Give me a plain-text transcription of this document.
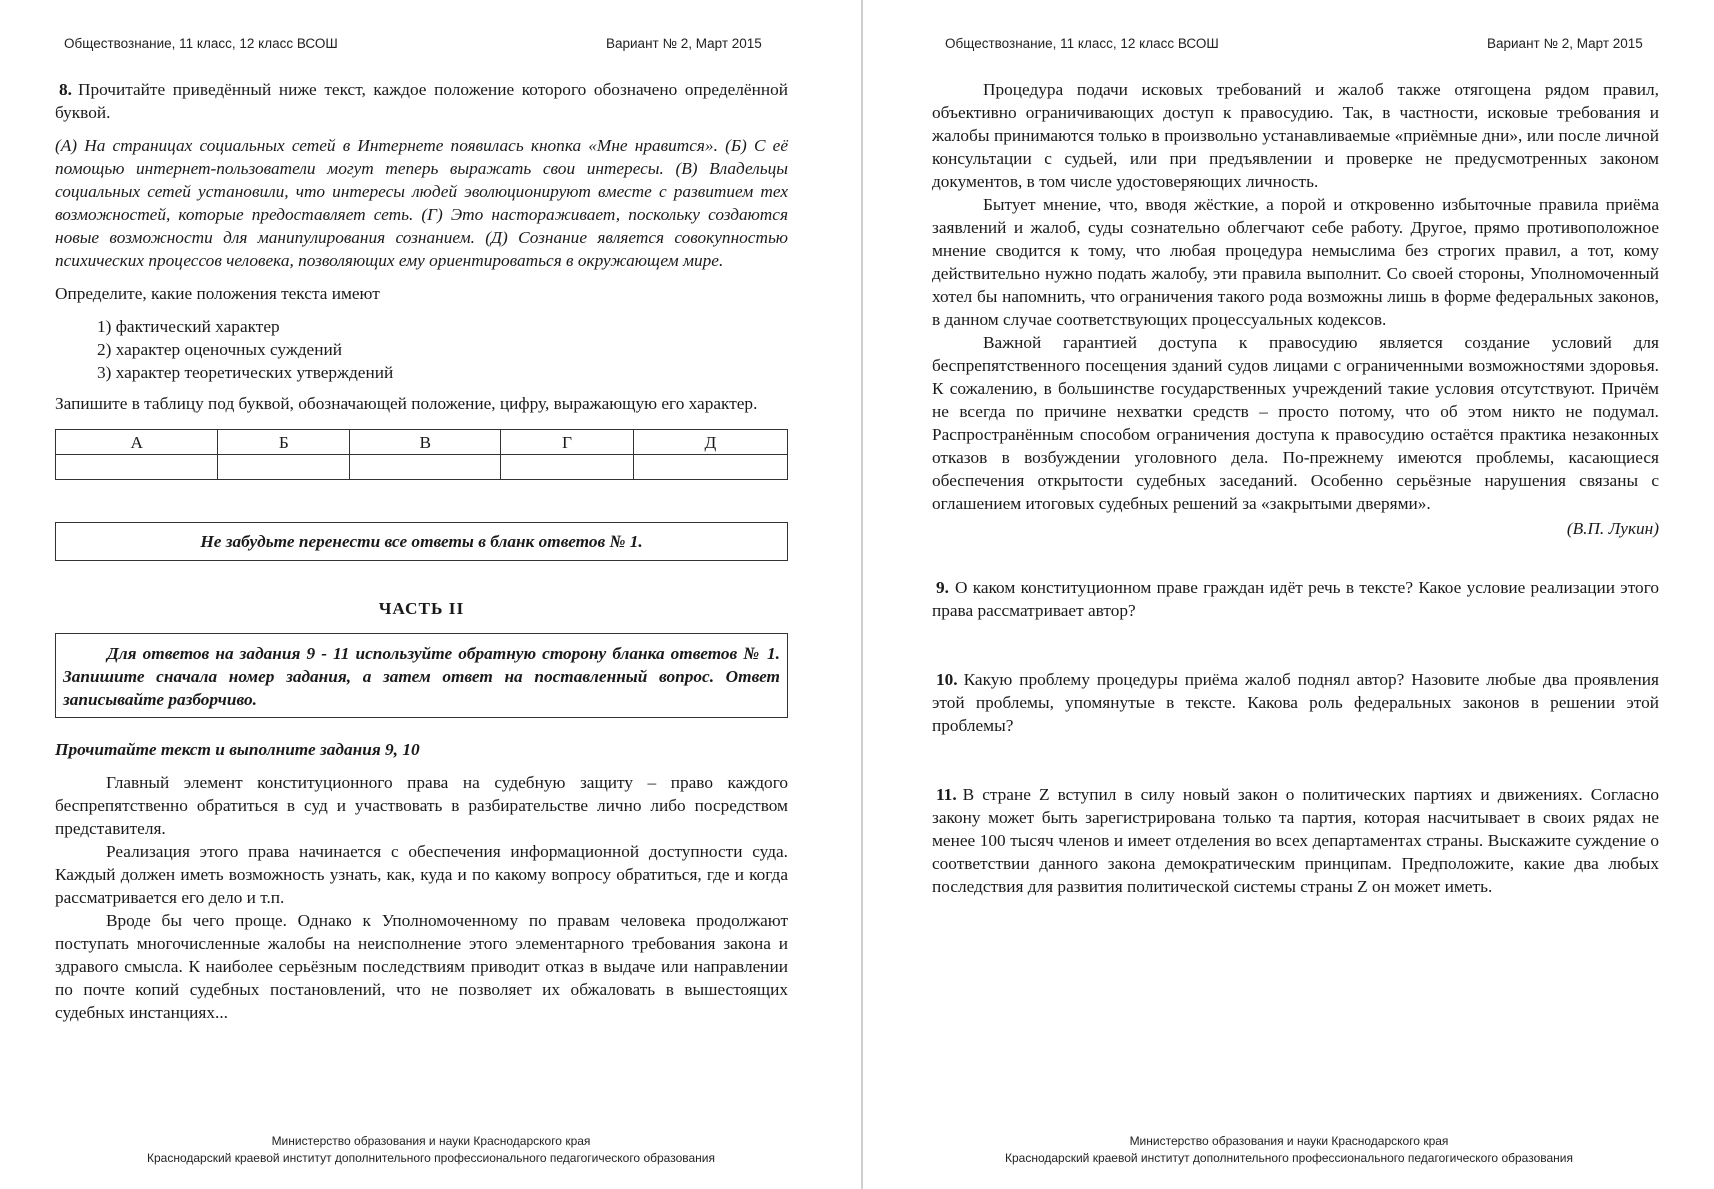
Обществознание, 11 класс, 12 класс ВСОШ	Вариант № 2, Март 2015

8. Прочитайте приведённый ниже текст, каждое положение которого обозначено определённой буквой.

(А) На страницах социальных сетей в Интернете появилась кнопка «Мне нравится». (Б) С её помощью интернет-пользователи могут теперь выражать свои интересы. (В) Владельцы социальных сетей установили, что интересы людей эволюционируют вместе с развитием тех возможностей, которые предоставляет сеть. (Г) Это настораживает, поскольку создаются новые возможности для манипулирования сознанием. (Д) Сознание является совокупностью психических процессов человека, позволяющих ему ориентироваться в окружающем мире.

Определите, какие положения текста имеют

1) фактический характер
2) характер оценочных суждений
3) характер теоретических утверждений

Запишите в таблицу под буквой, обозначающей положение, цифру, выражающую его характер.

А	Б	В	Г	Д

Не забудьте перенести все ответы в бланк ответов № 1.
ЧАСТЬ II
Для ответов на задания 9 - 11 используйте обратную сторону бланка ответов № 1. Запишите сначала номер задания, а затем ответ на поставленный вопрос. Ответ записывайте разборчиво.

Прочитайте текст и выполните задания 9, 10

Главный элемент конституционного права на судебную защиту – право каждого беспрепятственно обратиться в суд и участвовать в разбирательстве лично либо посредством представителя.

Реализация этого права начинается с обеспечения информационной доступности суда. Каждый должен иметь возможность узнать, как, куда и по какому вопросу обратиться, где и когда рассматривается его дело и т.п.

Вроде бы чего проще. Однако к Уполномоченному по правам человека продолжают поступать многочисленные жалобы на неисполнение этого элементарного требования закона и здравого смысла. К наиболее серьёзным последствиям приводит отказ в выдаче или направлении по почте копий судебных постановлений, что не позволяет их обжаловать в вышестоящих судебных инстанциях...

Министерство образования и науки Краснодарского края
Краснодарский краевой институт дополнительного профессионального педагогического образования
Обществознание, 11 класс, 12 класс ВСОШ	Вариант № 2, Март 2015

Процедура подачи исковых требований и жалоб также отягощена рядом правил, объективно ограничивающих доступ к правосудию. Так, в частности, исковые требования и жалобы принимаются только в произвольно устанавливаемые «приёмные дни», или после личной консультации с судьей, или при предъявлении и проверке не предусмотренных законом документов, в том числе удостоверяющих личность.

Бытует мнение, что, вводя жёсткие, а порой и откровенно избыточные правила приёма заявлений и жалоб, суды сознательно облегчают себе работу. Другое, прямо противоположное мнение сводится к тому, что любая процедура немыслима без строгих правил, а тот, кому действительно нужно подать жалобу, эти правила выполнит. Со своей стороны, Уполномоченный хотел бы напомнить, что ограничения такого рода возможны лишь в форме федеральных законов, в данном случае соответствующих процессуальных кодексов.

Важной гарантией доступа к правосудию является создание условий для беспрепятственного посещения зданий судов лицами с ограниченными возможностями здоровья. К сожалению, в большинстве государственных учреждений такие условия отсутствуют. Причём не всегда по причине нехватки средств – просто потому, что об этом никто не подумал. Распространённым способом ограничения доступа к правосудию остаётся практика незаконных отказов в возбуждении уголовного дела. По-прежнему имеются проблемы, касающиеся обеспечения открытости судебных заседаний. Особенно серьёзные нарушения связаны с оглашением итоговых судебных решений за «закрытыми дверями».

(В.П. Лукин)

9. О каком конституционном праве граждан идёт речь в тексте? Какое условие реализации этого права рассматривает автор?

10. Какую проблему процедуры приёма жалоб поднял автор? Назовите любые два проявления этой проблемы, упомянутые в тексте. Какова роль федеральных законов в решении этой проблемы?

11. В стране Z вступил в силу новый закон о политических партиях и движениях. Согласно закону может быть зарегистрирована только та партия, которая насчитывает в своих рядах не менее 100 тысяч членов и имеет отделения во всех департаментах страны. Выскажите суждение о соответствии данного закона демократическим принципам. Предположите, какие два любых последствия для развития политической системы страны Z он может иметь.

Министерство образования и науки Краснодарского края
Краснодарский краевой институт дополнительного профессионального педагогического образования
